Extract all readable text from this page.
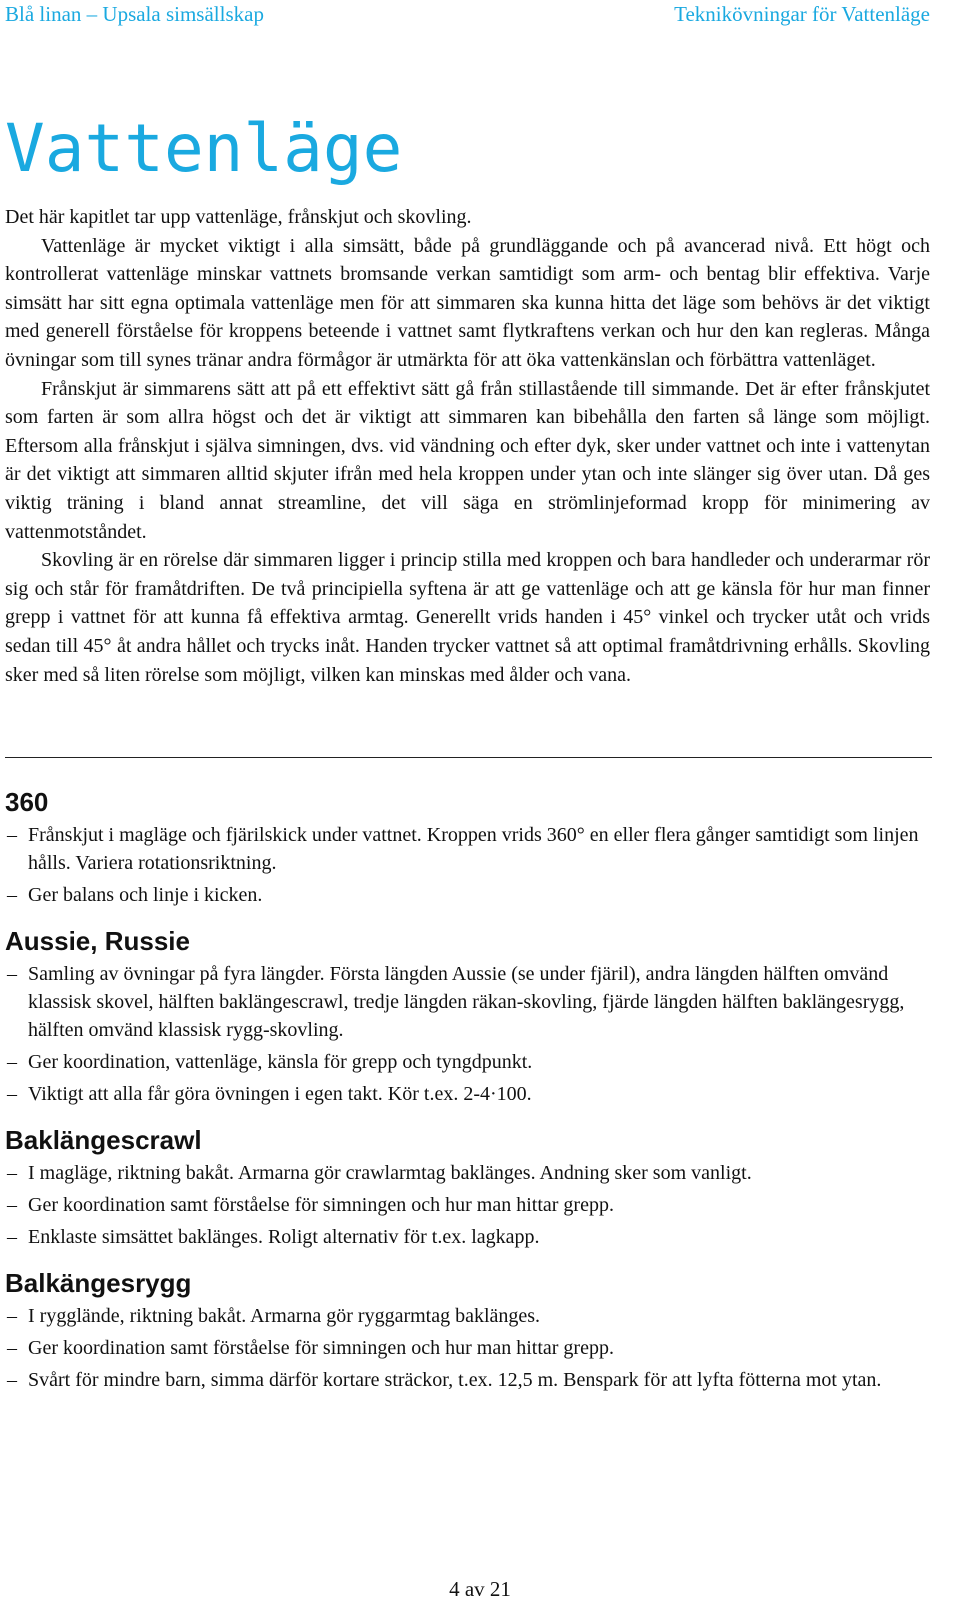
Blå linan – Upsala simsällskap	Teknikövningar för Vattenläge
Vattenläge

Det här kapitlet tar upp vattenläge, frånskjut och skovling.

Vattenläge är mycket viktigt i alla simsätt, både på grundläggande och på avancerad nivå. Ett högt och kontrollerat vattenläge minskar vattnets bromsande verkan samtidigt som arm- och bentag blir effektiva. Varje simsätt har sitt egna optimala vattenläge men för att simmaren ska kunna hitta det läge som behövs är det viktigt med generell förståelse för kroppens beteende i vattnet samt flytkraftens verkan och hur den kan regleras. Många övningar som till synes tränar andra förmågor är utmärkta för att öka vattenkänslan och förbättra vattenläget.

Frånskjut är simmarens sätt att på ett effektivt sätt gå från stillastående till simmande. Det är efter frånskjutet som farten är som allra högst och det är viktigt att simmaren kan bibehålla den farten så länge som möjligt. Eftersom alla frånskjut i själva simningen, dvs. vid vändning och efter dyk, sker under vattnet och inte i vattenytan är det viktigt att simmaren alltid skjuter ifrån med hela kroppen under ytan och inte slänger sig över utan. Då ges viktig träning i bland annat streamline, det vill säga en strömlinjeformad kropp för minimering av vattenmotståndet.

Skovling är en rörelse där simmaren ligger i princip stilla med kroppen och bara handleder och underarmar rör sig och står för framåtdriften. De två principiella syftena är att ge vattenläge och att ge känsla för hur man finner grepp i vattnet för att kunna få effektiva armtag. Generellt vrids handen i 45° vinkel och trycker utåt och vrids sedan till 45° åt andra hållet och trycks inåt. Handen trycker vattnet så att optimal framåtdrivning erhålls. Skovling sker med så liten rörelse som möjligt, vilken kan minskas med ålder och vana.

360
– Frånskjut i magläge och fjärilskick under vattnet. Kroppen vrids 360° en eller flera gånger samtidigt som linjen hålls. Variera rotationsriktning.
– Ger balans och linje i kicken.
Aussie, Russie
– Samling av övningar på fyra längder. Första längden Aussie (se under fjäril), andra längden hälften omvänd klassisk skovel, hälften baklängescrawl, tredje längden räkan-skovling, fjärde längden hälften baklängesrygg, hälften omvänd klassisk rygg-skovling.
– Ger koordination, vattenläge, känsla för grepp och tyngdpunkt.
– Viktigt att alla får göra övningen i egen takt. Kör t.ex. 2-4·100.
Baklängescrawl
– I magläge, riktning bakåt. Armarna gör crawlarmtag baklänges. Andning sker som vanligt.
– Ger koordination samt förståelse för simningen och hur man hittar grepp.
– Enklaste simsättet baklänges. Roligt alternativ för t.ex. lagkapp.
Balkängesrygg
– I rygglände, riktning bakåt. Armarna gör ryggarmtag baklänges.
– Ger koordination samt förståelse för simningen och hur man hittar grepp.
– Svårt för mindre barn, simma därför kortare sträckor, t.ex. 12,5 m. Benspark för att lyfta fötterna mot ytan.
4 av 21
